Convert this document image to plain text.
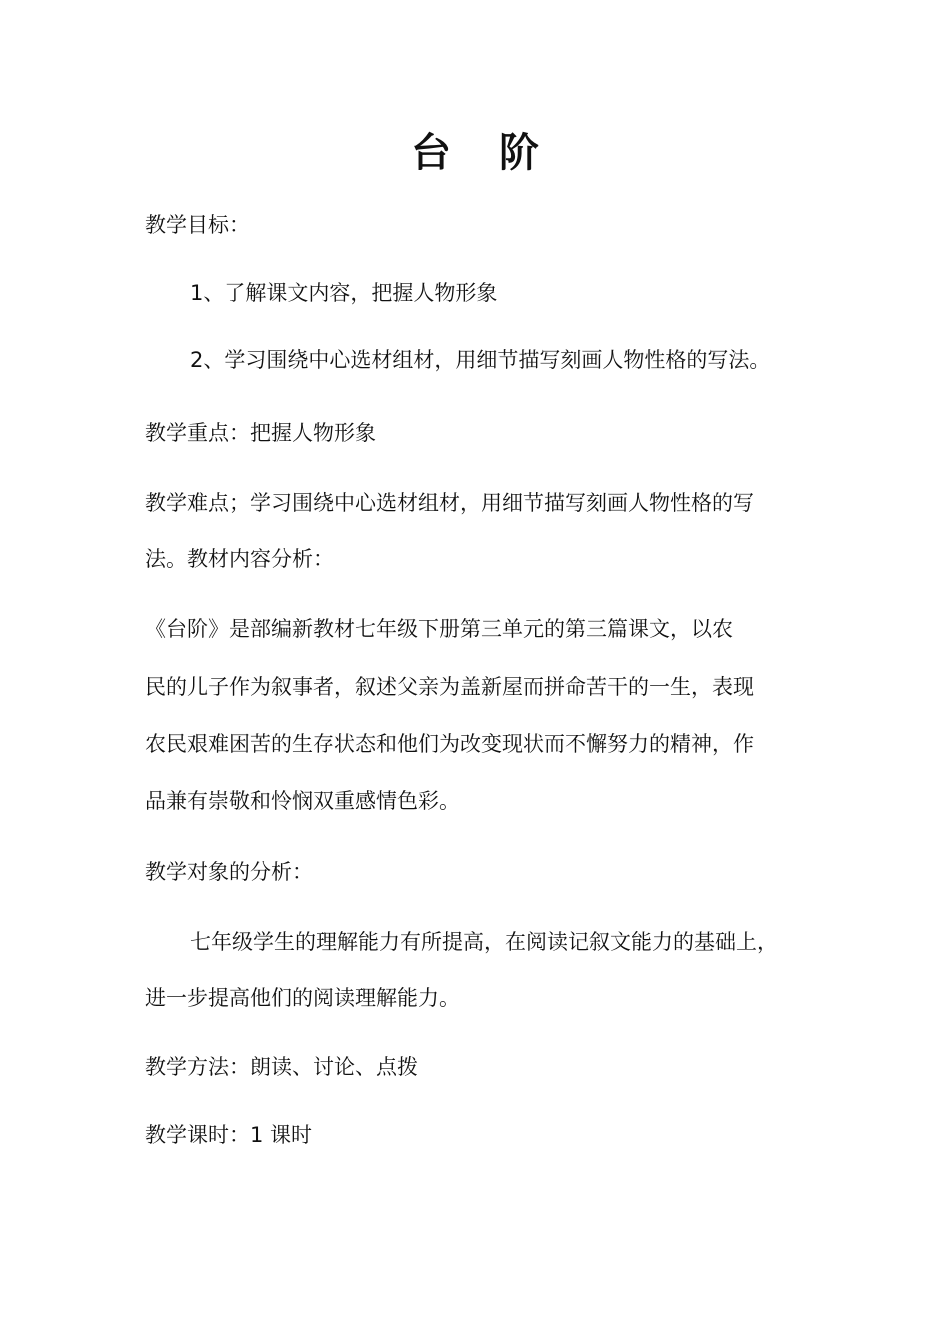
台 阶
教学目标：
1、了解课文内容，把握人物形象
2、学习围绕中心选材组材，用细节描写刻画人物性格的写法。
教学重点：把握人物形象
教学难点；学习围绕中心选材组材，用细节描写刻画人物性格的写
法。教材内容分析：
《台阶》是部编新教材七年级下册第三单元的第三篇课文，以农
民的儿子作为叙事者，叙述父亲为盖新屋而拼命苦干的一生，表现
农民艰难困苦的生存状态和他们为改变现状而不懈努力的精神，作
品兼有崇敬和怜悯双重感情色彩。
教学对象的分析：
七年级学生的理解能力有所提高，在阅读记叙文能力的基础上，
进一步提高他们的阅读理解能力。
教学方法：朗读、讨论、点拨
教学课时：1 课时
